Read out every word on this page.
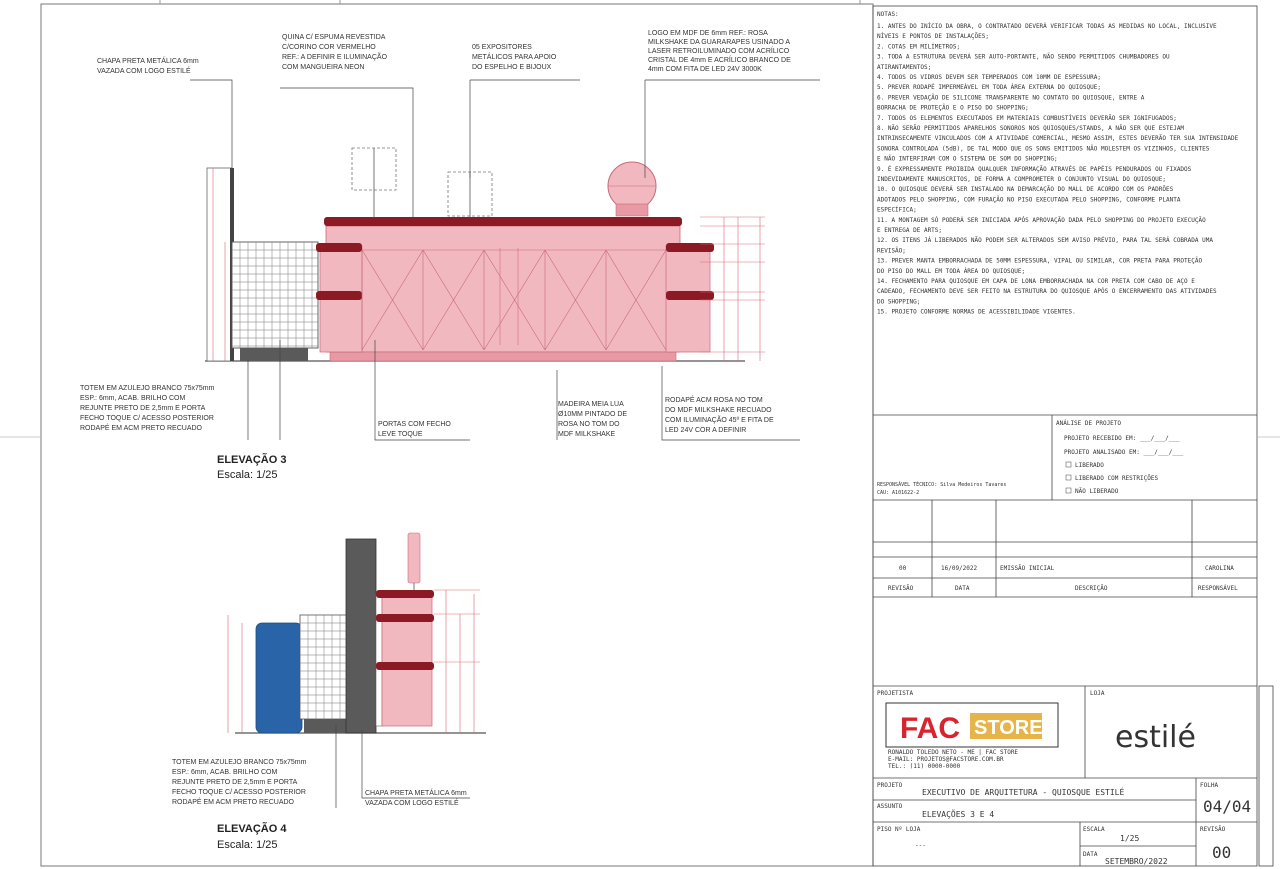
CHAPA PRETA METÁLICA 6mm VAZADA COM LOGO ESTILÉ
QUINA C/ ESPUMA REVESTIDA C/CORINO COR VERMELHO REF.: A DEFINIR E ILUMINAÇÃO COM MANGUEIRA NEON
05 EXPOSITORES METÁLICOS PARA APOIO DO ESPELHO E BIJOUX
LOGO EM MDF DE 6mm REF.: ROSA MILKSHAKE DA GUARARAPES USINADO A LASER RETROILUMINADO COM ACRÍLICO CRISTAL DE 4mm E ACRÍLICO BRANCO DE 4mm COM FITA DE LED 24V 3000K
TOTEM EM AZULEJO BRANCO 75x75mm ESP.: 6mm, ACAB. BRILHO COM REJUNTE PRETO DE 2,5mm E PORTA FECHO TOQUE C/ ACESSO POSTERIOR RODAPÉ EM ACM PRETO RECUADO
PORTAS COM FECHO LEVE TOQUE
MADEIRA MEIA LUA Ø10MM PINTADO DE ROSA NO TOM DO MDF MILKSHAKE
RODAPÉ ACM ROSA NO TOM DO MDF MILKSHAKE RECUADO COM ILUMINAÇÃO 45º E FITA DE LED 24V COR A DEFINIR
TOTEM EM AZULEJO BRANCO 75x75mm ESP.: 6mm, ACAB. BRILHO COM REJUNTE PRETO DE 2,5mm E PORTA FECHO TOQUE C/ ACESSO POSTERIOR RODAPÉ EM ACM PRETO RECUADO
CHAPA PRETA METÁLICA 6mm VAZADA COM LOGO ESTILÉ
ELEVAÇÃO 3
Escala: 1/25
ELEVAÇÃO 4
Escala: 1/25
NOTAS:
1. ANTES DO INÍCIO DA OBRA, O CONTRATADO DEVERÁ VERIFICAR TODAS AS MEDIDAS NO LOCAL, INCLUSIVE
NÍVEIS E PONTOS DE INSTALAÇÕES;
2. COTAS EM MILÍMETROS;
3. TODA A ESTRUTURA DEVERÁ SER AUTO-PORTANTE, NÃO SENDO PERMITIDOS CHUMBADORES OU
ATIRANTAMENTOS;
4. TODOS OS VIDROS DEVEM SER TEMPERADOS COM 10MM DE ESPESSURA;
5. PREVER RODAPÉ IMPERMEÁVEL EM TODA ÁREA EXTERNA DO QUIOSQUE;
6. PREVER VEDAÇÃO DE SILICONE TRANSPARENTE NO CONTATO DO QUIOSQUE, ENTRE A
BORRACHA DE PROTEÇÃO E O PISO DO SHOPPING;
7. TODOS OS ELEMENTOS EXECUTADOS EM MATERIAIS COMBUSTÍVEIS DEVERÃO SER IGNIFUGADOS;
8. NÃO SERÃO PERMITIDOS APARELHOS SONOROS NOS QUIOSQUES/STANDS, A NÃO SER QUE ESTEJAM
INTRINSECAMENTE VINCULADOS COM A ATIVIDADE COMERCIAL, MESMO ASSIM, ESTES DEVERÃO TER SUA INTENSIDADE
SONORA CONTROLADA (5dB), DE TAL MODO QUE OS SONS EMITIDOS NÃO MOLESTEM OS VIZINHOS, CLIENTES
E NÃO INTERFIRAM COM O SISTEMA DE SOM DO SHOPPING;
9. É EXPRESSAMENTE PROIBIDA QUALQUER INFORMAÇÃO ATRAVÉS DE PAPÉIS PENDURADOS OU FIXADOS
INDEVIDAMENTE MANUSCRITOS, DE FORMA A COMPROMETER O CONJUNTO VISUAL DO QUIOSQUE;
10. O QUIOSQUE DEVERÁ SER INSTALADO NA DEMARCAÇÃO DO MALL DE ACORDO COM OS PADRÕES
ADOTADOS PELO SHOPPING, COM FURAÇÃO NO PISO EXECUTADA PELO SHOPPING, CONFORME PLANTA
ESPECÍFICA;
11. A MONTAGEM SÓ PODERÁ SER INICIADA APÓS APROVAÇÃO DADA PELO SHOPPING DO PROJETO EXECUÇÃO
E ENTREGA DE ARTS;
12. OS ITENS JÁ LIBERADOS NÃO PODEM SER ALTERADOS SEM AVISO PRÉVIO, PARA TAL SERÁ COBRADA UMA
REVISÃO;
13. PREVER MANTA EMBORRACHADA DE 50MM ESPESSURA, VIPAL OU SIMILAR, COR PRETA PARA PROTEÇÃO
DO PISO DO MALL EM TODA ÁREA DO QUIOSQUE;
14. FECHAMENTO PARA QUIOSQUE EM CAPA DE LONA EMBORRACHADA NA COR PRETA COM CABO DE AÇO E
CADEADO, FECHAMENTO DEVE SER FEITO NA ESTRUTURA DO QUIOSQUE APÓS O ENCERRAMENTO DAS ATIVIDADES
DO SHOPPING;
15. PROJETO CONFORME NORMAS DE ACESSIBILIDADE VIGENTES.
ANÁLISE DE PROJETO
PROJETO RECEBIDO EM: ___/___/___
PROJETO ANALISADO EM: ___/___/___
LIBERADO
LIBERADO COM RESTRIÇÕES
NÃO LIBERADO
RESPONSÁVEL TÉCNICO: Silva Medeiros Tavares
CAU: A101622-2
00	16/09/2022	EMISSÃO INICIAL	CAROLINA
REVISÃO	DATA	DESCRIÇÃO	RESPONSÁVEL
PROJETISTA	LOJA
FAC STORE
RONALDO TOLEDO NETO - ME | FAC STORE
E-MAIL: PROJETOS@FACSTORE.COM.BR
TEL.: (11) 0000-0000
estilé
PROJETO
EXECUTIVO DE ARQUITETURA - QUIOSQUE ESTILÉ
ASSUNTO
ELEVAÇÕES 3 E 4
FOLHA
04/04
PISO Nº LOJA
---
ESCALA
1/25
DATA
SETEMBRO/2022
REVISÃO
00
